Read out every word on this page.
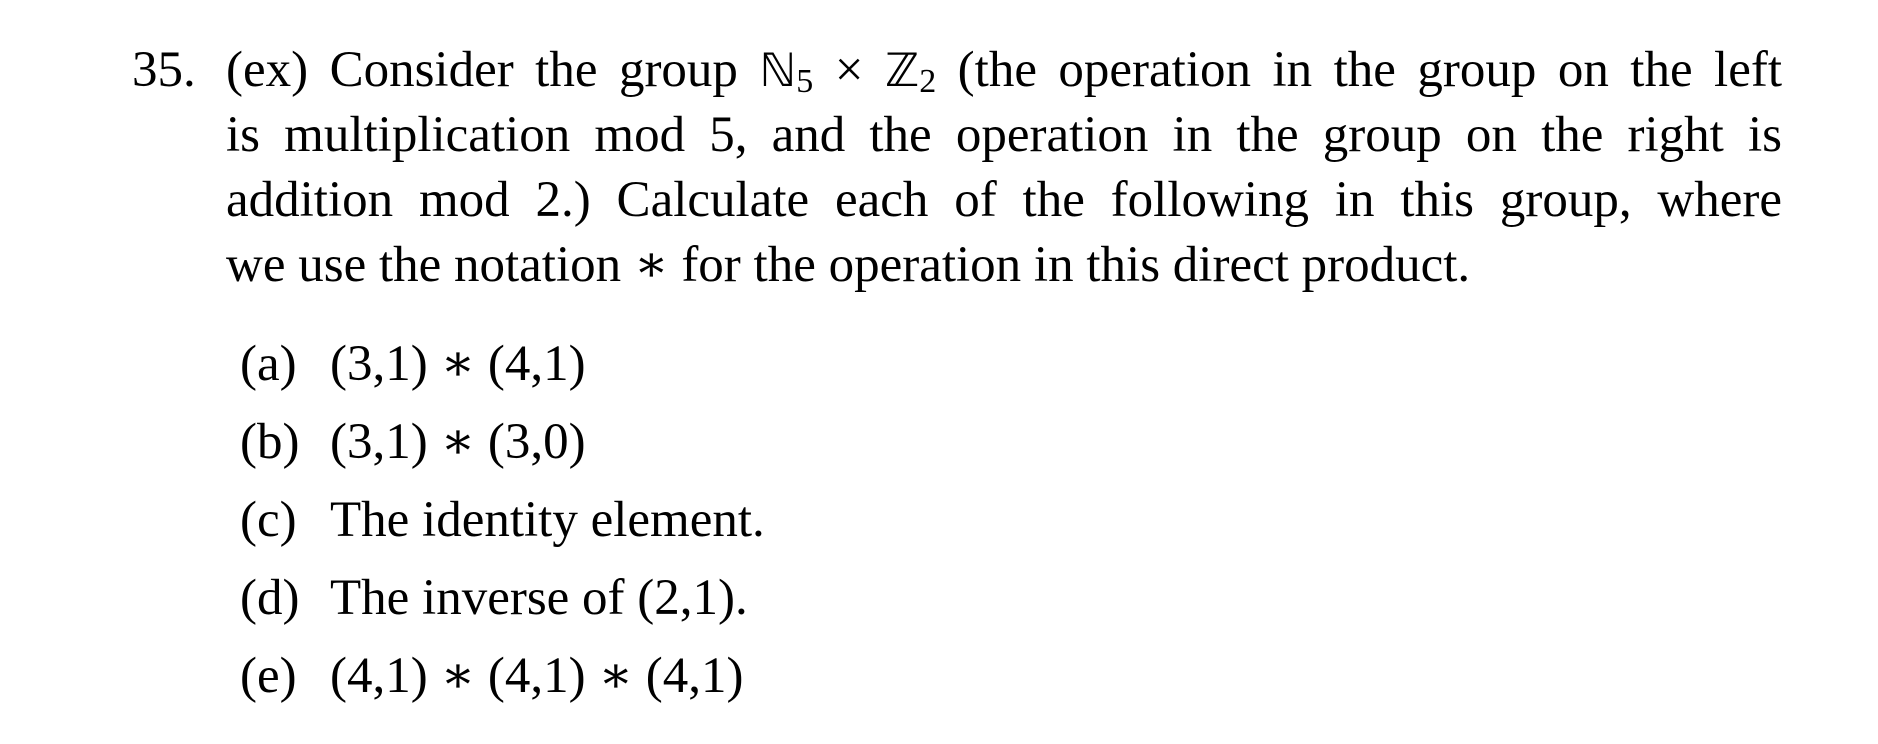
35. (ex) Consider the group ℕ5 × ℤ2 (the operation in the group on the left
is multiplication mod 5, and the operation in the group on the right is
addition mod 2.) Calculate each of the following in this group, where
we use the notation ∗ for the operation in this direct product.
(a) (3,1) ∗ (4,1)
(b) (3,1) ∗ (3,0)
(c) The identity element.
(d) The inverse of (2,1).
(e) (4,1) ∗ (4,1) ∗ (4,1)
